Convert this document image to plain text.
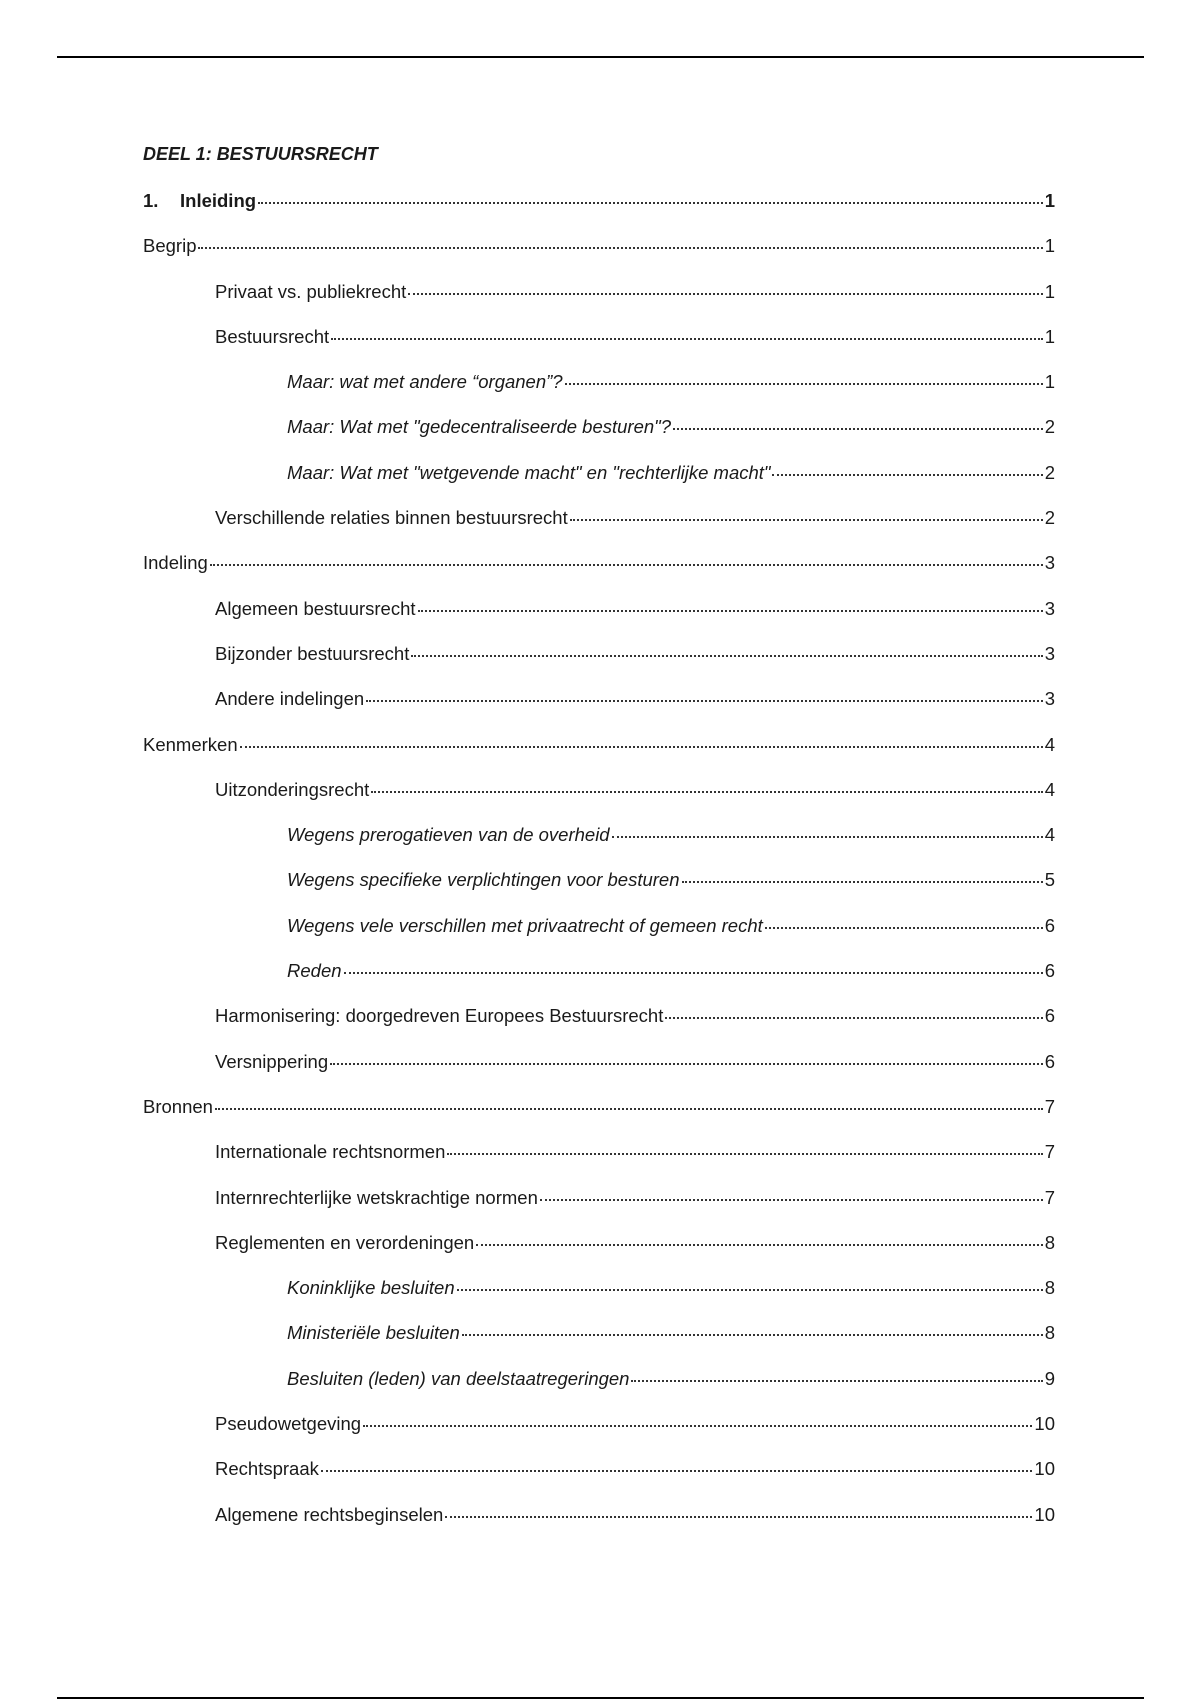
DEEL 1: BESTUURSRECHT
1.	Inleiding	1
Begrip	1
Privaat vs. publiekrecht	1
Bestuursrecht	1
Maar: wat met andere “organen”?	1
Maar: Wat met "gedecentraliseerde besturen"?	2
Maar: Wat met "wetgevende macht" en "rechterlijke macht"	2
Verschillende relaties binnen bestuursrecht	2
Indeling	3
Algemeen bestuursrecht	3
Bijzonder bestuursrecht	3
Andere indelingen	3
Kenmerken	4
Uitzonderingsrecht	4
Wegens prerogatieven van de overheid	4
Wegens specifieke verplichtingen voor besturen	5
Wegens vele verschillen met privaatrecht of gemeen recht	6
Reden	6
Harmonisering: doorgedreven Europees Bestuursrecht	6
Versnippering	6
Bronnen	7
Internationale rechtsnormen	7
Internrechterlijke wetskrachtige normen	7
Reglementen en verordeningen	8
Koninklijke besluiten	8
Ministeriële besluiten	8
Besluiten (leden) van deelstaatregeringen	9
Pseudowetgeving	10
Rechtspraak	10
Algemene rechtsbeginselen	10
